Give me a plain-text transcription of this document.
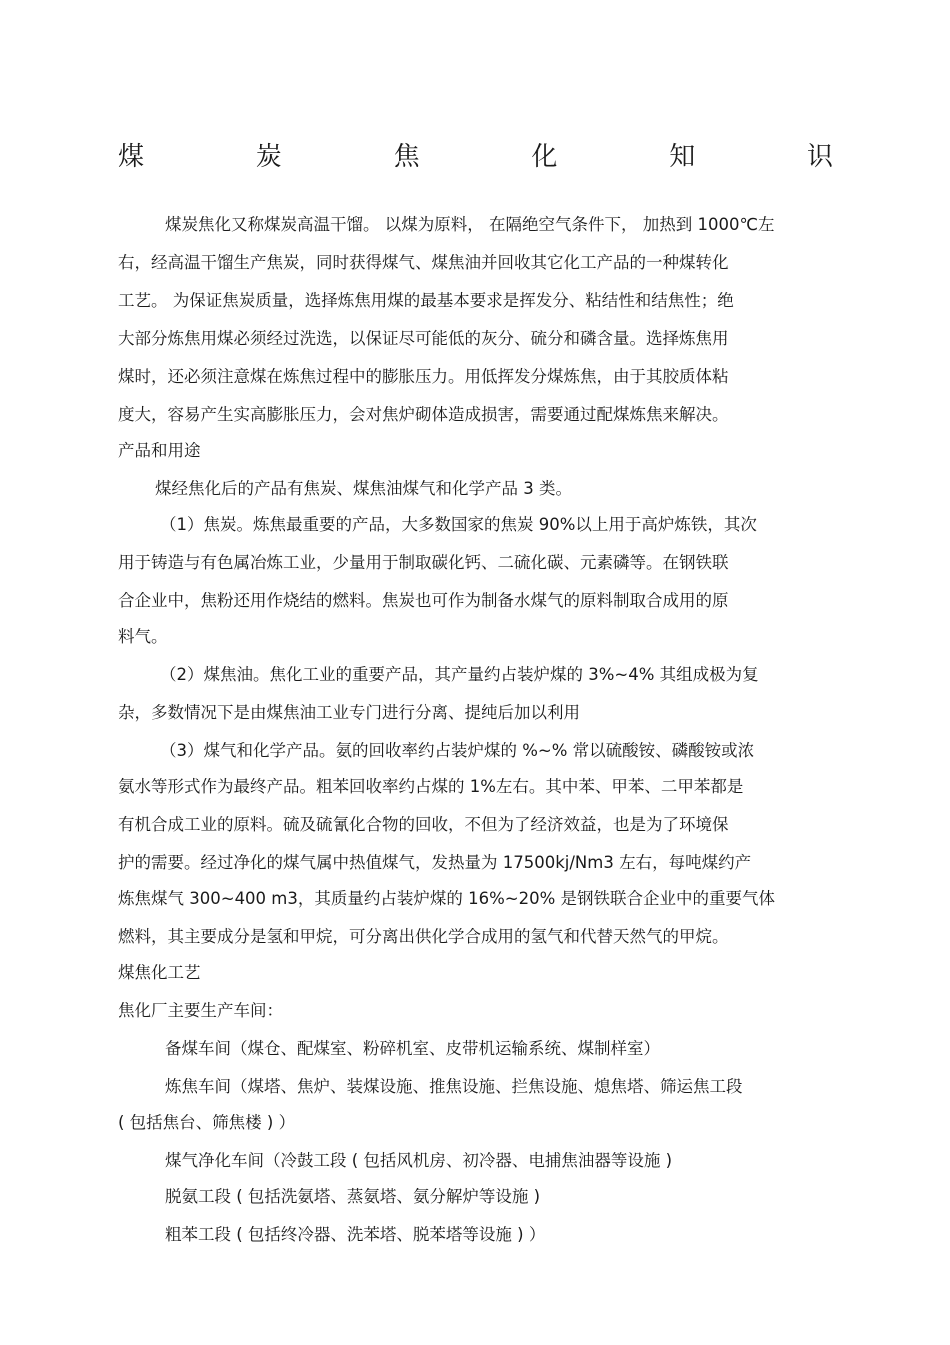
煤	炭	焦	化	知	识
煤炭焦化又称煤炭高温干馏。 以煤为原料， 在隔绝空气条件下， 加热到 1000℃左
右，经高温干馏生产焦炭，同时获得煤气、煤焦油并回收其它化工产品的一种煤转化
工艺。 为保证焦炭质量，选择炼焦用煤的最基本要求是挥发分、粘结性和结焦性；绝
大部分炼焦用煤必须经过洗选，以保证尽可能低的灰分、硫分和磷含量。选择炼焦用
煤时，还必须注意煤在炼焦过程中的膨胀压力。用低挥发分煤炼焦，由于其胶质体粘
度大，容易产生实高膨胀压力，会对焦炉砌体造成损害，需要通过配煤炼焦来解决。
产品和用途
煤经焦化后的产品有焦炭、煤焦油煤气和化学产品 3 类。
（1）焦炭。炼焦最重要的产品，大多数国家的焦炭 90%以上用于高炉炼铁，其次
用于铸造与有色属冶炼工业，少量用于制取碳化钙、二硫化碳、元素磷等。在钢铁联
合企业中，焦粉还用作烧结的燃料。焦炭也可作为制备水煤气的原料制取合成用的原
料气。
（2）煤焦油。焦化工业的重要产品，其产量约占装炉煤的 3%~4% 其组成极为复
杂，多数情况下是由煤焦油工业专门进行分离、提纯后加以利用
（3）煤气和化学产品。氨的回收率约占装炉煤的 %~% 常以硫酸铵、磷酸铵或浓
氨水等形式作为最终产品。粗苯回收率约占煤的 1%左右。其中苯、甲苯、二甲苯都是
有机合成工业的原料。硫及硫氰化合物的回收，不但为了经济效益，也是为了环境保
护的需要。经过净化的煤气属中热值煤气，发热量为 17500kj/Nm3 左右，每吨煤约产
炼焦煤气 300~400 m3，其质量约占装炉煤的 16%~20% 是钢铁联合企业中的重要气体
燃料，其主要成分是氢和甲烷，可分离出供化学合成用的氢气和代替天然气的甲烷。
煤焦化工艺
焦化厂主要生产车间：
备煤车间（煤仓、配煤室、粉碎机室、皮带机运输系统、煤制样室）
炼焦车间（煤塔、焦炉、装煤设施、推焦设施、拦焦设施、熄焦塔、筛运焦工段
( 包括焦台、筛焦楼 ) ）
煤气净化车间（冷鼓工段 ( 包括风机房、初冷器、电捕焦油器等设施 )
脱氨工段 ( 包括洗氨塔、蒸氨塔、氨分解炉等设施 )
粗苯工段 ( 包括终冷器、洗苯塔、脱苯塔等设施 ) ）
